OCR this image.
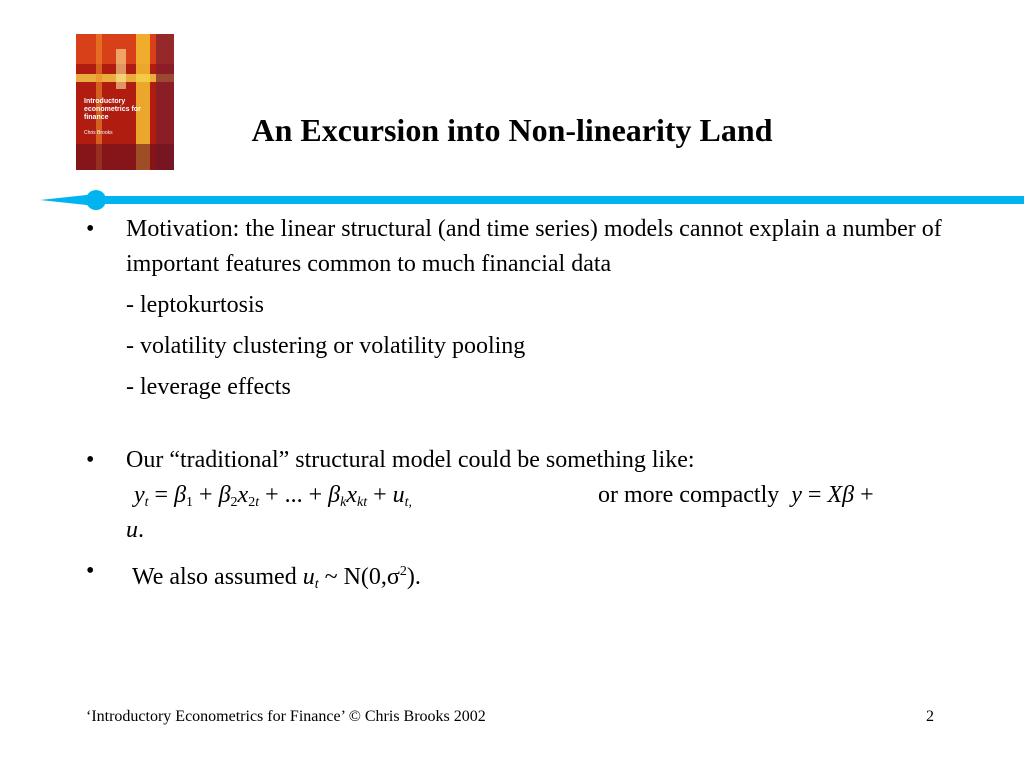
Introductory econometrics for finance
Chris Brooks	An Excursion into Non-linearity Land
•	Motivation: the linear structural (and time series) models cannot explain a number of important features common to much financial data
- leptokurtosis
- volatility clustering or volatility pooling
- leverage effects
•	Our “traditional” structural model could be something like:
$y_t = \beta_1 + \beta_2x_{2t}$ + ... + $\beta_kx_{kt} + u_{t,}$	or more compactly  y = Xβ +
u.
•	We also assumed $u_t$ ~ $N(0,\sigma^2)$.
‘Introductory Econometrics for Finance’ © Chris Brooks 2002	2
